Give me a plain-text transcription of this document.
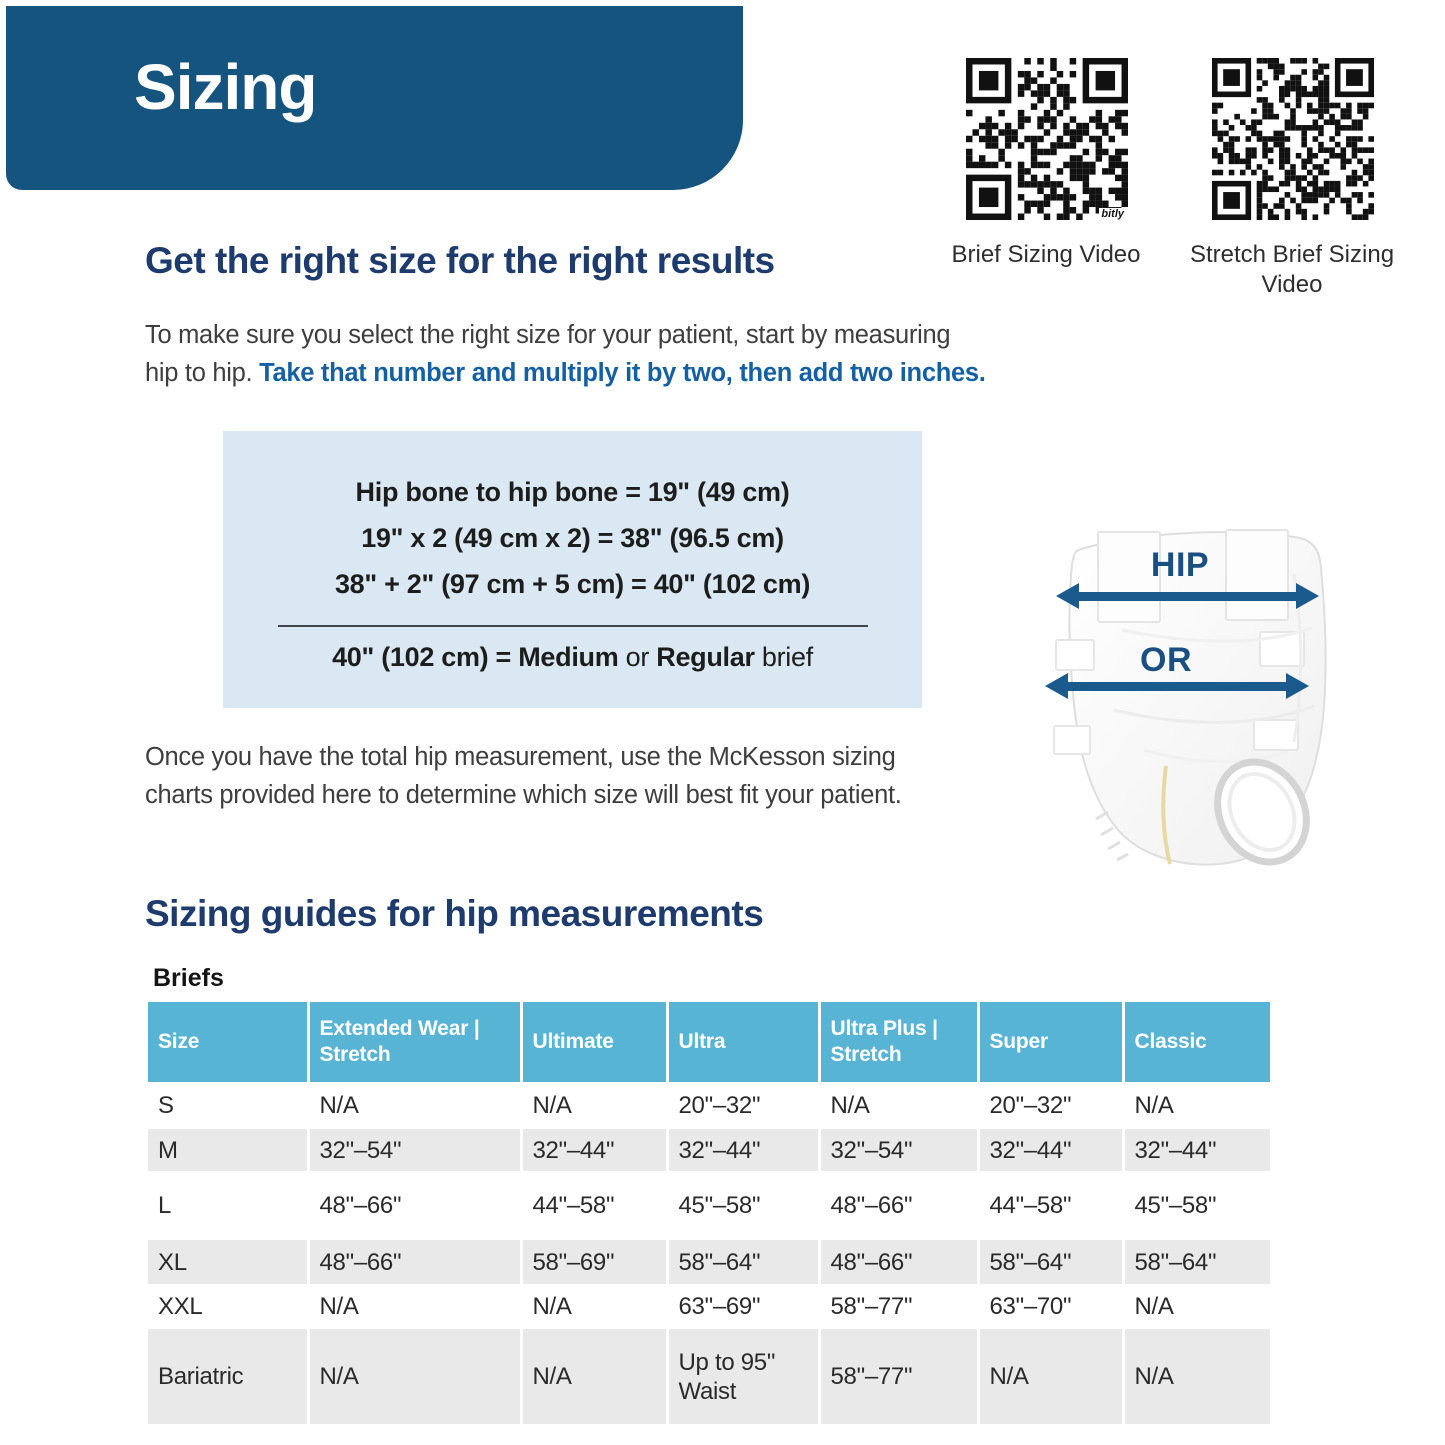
Sizing
bitly
Brief Sizing Video	Stretch Brief Sizing Video
Get the right size for the right results
To make sure you select the right size for your patient, start by measuring
hip to hip. Take that number and multiply it by two, then add two inches.
Hip bone to hip bone = 19" (49 cm)
19" x 2 (49 cm x 2) = 38" (96.5 cm)
38" + 2" (97 cm + 5 cm) = 40" (102 cm)
40" (102 cm) = Medium or Regular brief
HIP
OR
Once you have the total hip measurement, use the McKesson sizing
charts provided here to determine which size will best fit your patient.
Sizing guides for hip measurements
Briefs
Size	Extended Wear | Stretch	Ultimate	Ultra	Ultra Plus | Stretch	Super	Classic
S	N/A	N/A	20"–32"	N/A	20"–32"	N/A
M	32"–54"	32"–44"	32"–44"	32"–54"	32"–44"	32"–44"
L	48"–66"	44"–58"	45"–58"	48"–66"	44"–58"	45"–58"
XL	48"–66"	58"–69"	58"–64"	48"–66"	58"–64"	58"–64"
XXL	N/A	N/A	63"–69"	58"–77"	63"–70"	N/A
Bariatric	N/A	N/A	Up to 95" Waist	58"–77"	N/A	N/A
